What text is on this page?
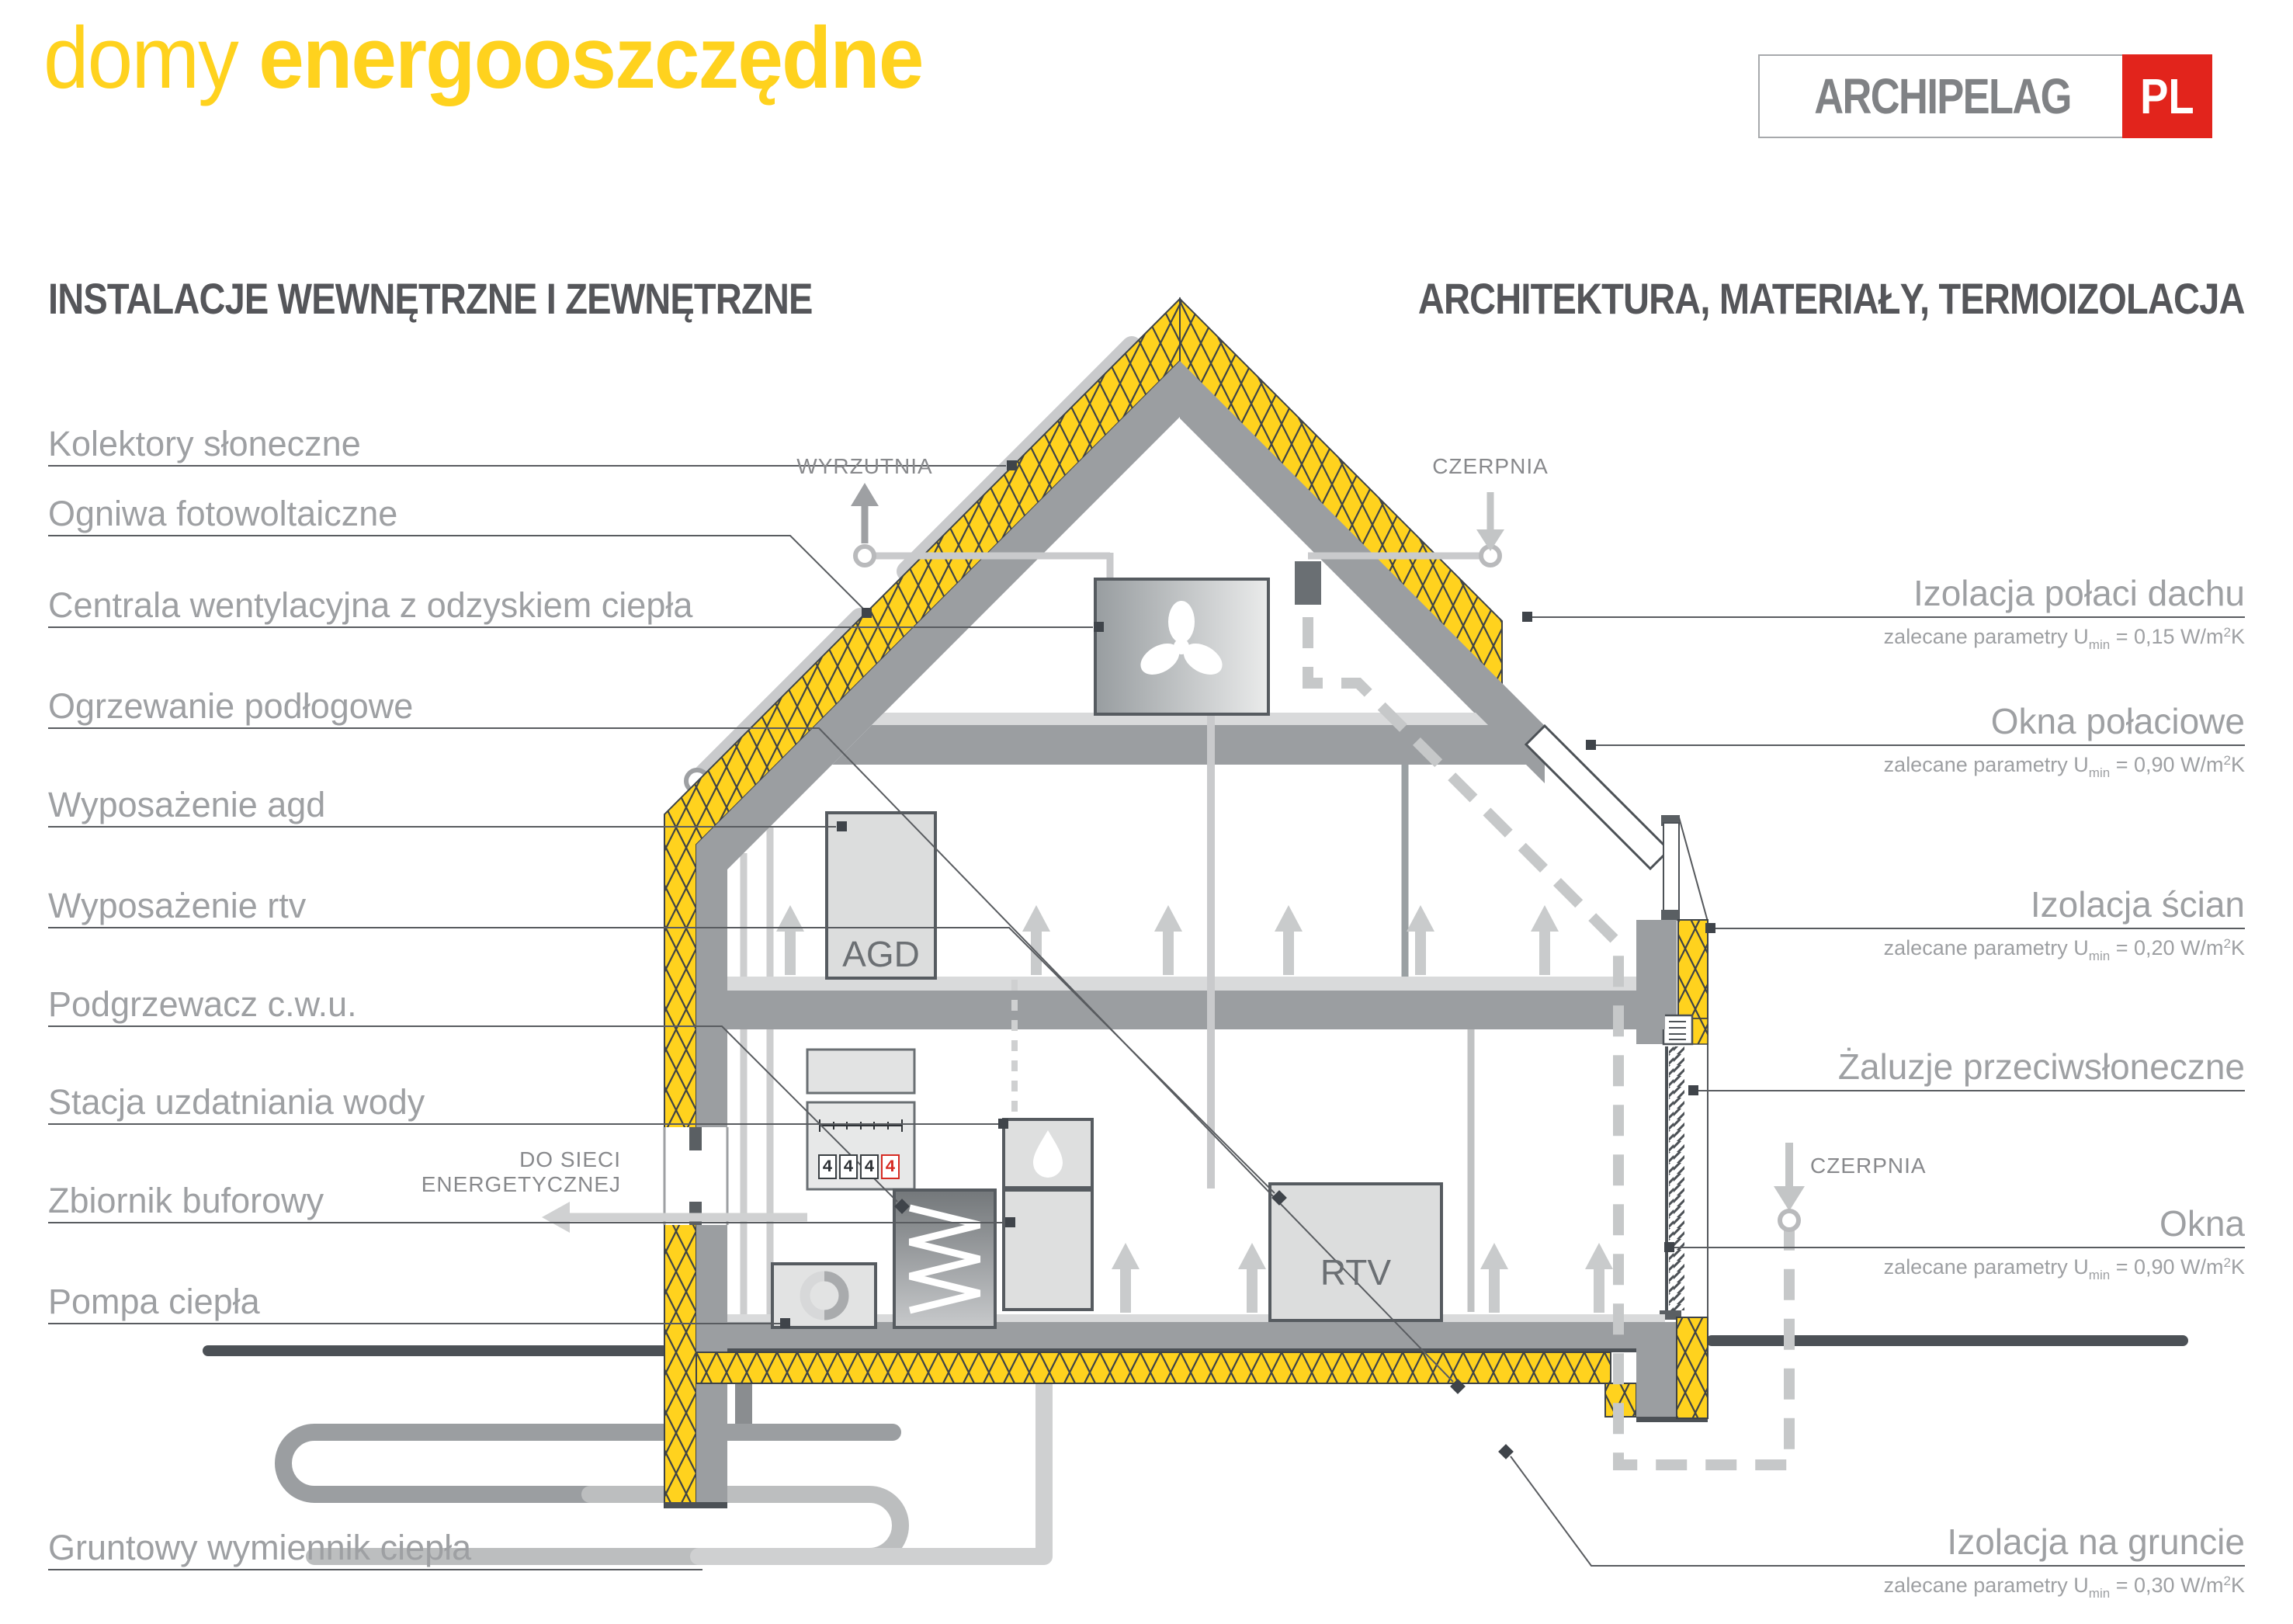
domy energooszczędne	ARCHIPELAG PL
INSTALACJE WEWNĘTRZNE I ZEWNĘTRZNE	ARCHITEKTURA, MATERIAŁY, TERMOIZOLACJA
Kolektory słoneczne
Ogniwa fotowoltaiczne
Centrala wentylacyjna z odzyskiem ciepła
Ogrzewanie podłogowe
Wyposażenie agd
Wyposażenie rtv
Podgrzewacz c.w.u.
Stacja uzdatniania wody
Zbiornik buforowy
Pompa ciepła
Gruntowy wymiennik ciepła
Izolacja połaci dachu
zalecane parametry $U_{min} = 0,15$ $W/m^2K$
Okna połaciowe
zalecane parametry $U_{min} = 0,90$ $W/m^2K$
Izolacja ścian
zalecane parametry $U_{min} = 0,20$ $W/m^2K$
Żaluzje przeciwsłoneczne
Okna
zalecane parametry $U_{min} = 0,90$ $W/m^2K$
Izolacja na gruncie
zalecane parametry $U_{min} = 0,30$ $W/m^2K$
WYRZUTNIA	CZERPNIA
CZERPNIA
DO SIECI
ENERGETYCZNEJ
AGD
RTV
4 4 4 4
